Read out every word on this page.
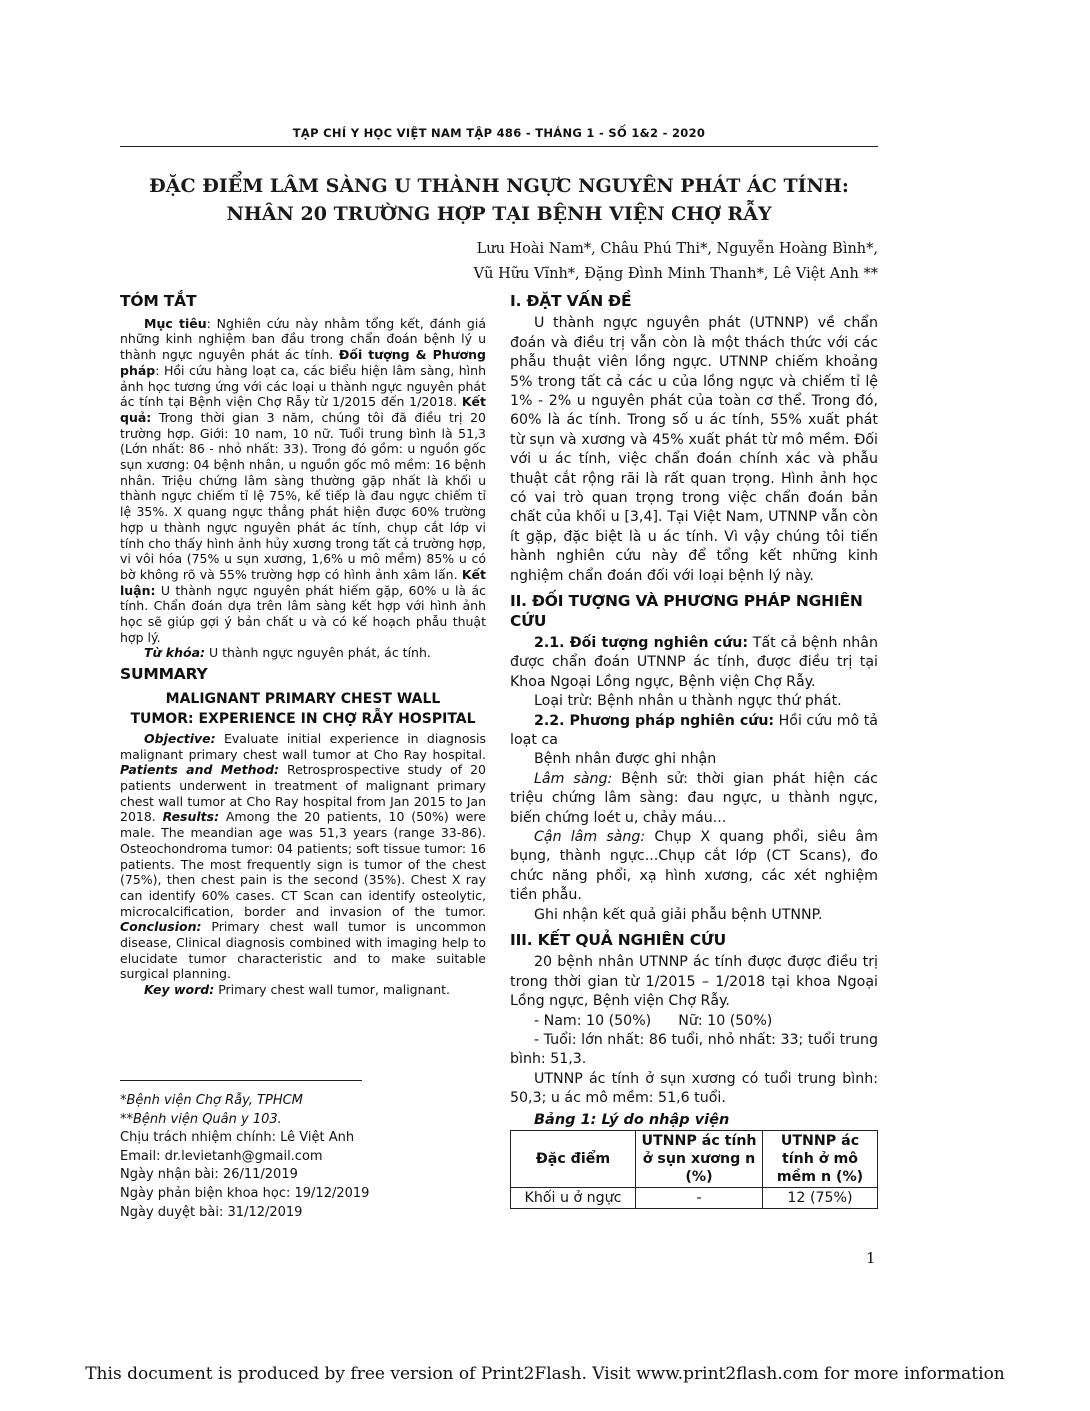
TẠP CHÍ Y HỌC VIỆT NAM TẬP 486 - THÁNG 1 - SỐ 1&2 - 2020
ĐẶC ĐIỂM LÂM SÀNG U THÀNH NGỰC NGUYÊN PHÁT ÁC TÍNH:
NHÂN 20 TRƯỜNG HỢP TẠI BỆNH VIỆN CHỢ RẪY
Lưu Hoài Nam*, Châu Phú Thi*, Nguyễn Hoàng Bình*,
Vũ Hữu Vĩnh*, Đặng Đình Minh Thanh*, Lê Việt Anh **
TÓM TẮT

Mục tiêu: Nghiên cứu này nhằm tổng kết, đánh giá những kinh nghiệm ban đầu trong chẩn đoán bệnh lý u thành ngực nguyên phát ác tính. Đối tượng & Phương pháp: Hồi cứu hàng loạt ca, các biểu hiện lâm sàng, hình ảnh học tương ứng với các loại u thành ngực nguyên phát ác tính tại Bệnh viện Chợ Rẫy từ 1/2015 đến 1/2018. Kết quả: Trong thời gian 3 năm, chúng tôi đã điều trị 20 trường hợp. Giới: 10 nam, 10 nữ. Tuổi trung bình là 51,3 (Lớn nhất: 86 - nhỏ nhất: 33). Trong đó gồm: u nguồn gốc sụn xương: 04 bệnh nhân, u nguồn gốc mô mềm: 16 bệnh nhân. Triệu chứng lâm sàng thường gặp nhất là khối u thành ngực chiếm tỉ lệ 75%, kế tiếp là đau ngực chiếm tỉ lệ 35%. X quang ngực thẳng phát hiện được 60% trường hợp u thành ngực nguyên phát ác tính, chụp cắt lớp vi tính cho thấy hình ảnh hủy xương trong tất cả trường hợp, vi vôi hóa (75% u sụn xương, 1,6% u mô mềm) 85% u có bờ không rõ và 55% trường hợp có hình ảnh xâm lấn. Kết luận: U thành ngực nguyên phát hiếm gặp, 60% u là ác tính. Chẩn đoán dựa trên lâm sàng kết hợp với hình ảnh học sẽ giúp gợi ý bản chất u và có kế hoạch phẫu thuật hợp lý.

Từ khóa: U thành ngực nguyên phát, ác tính.

SUMMARY
MALIGNANT PRIMARY CHEST WALL
TUMOR: EXPERIENCE IN CHỢ RẪY HOSPITAL

Objective: Evaluate initial experience in diagnosis malignant primary chest wall tumor at Cho Ray hospital. Patients and Method: Retrosprospective study of 20 patients underwent in treatment of malignant primary chest wall tumor at Cho Ray hospital from Jan 2015 to Jan 2018. Results: Among the 20 patients, 10 (50%) were male. The meandian age was 51,3 years (range 33-86). Osteochondroma tumor: 04 patients; soft tissue tumor: 16 patients. The most frequently sign is tumor of the chest (75%), then chest pain is the second (35%). Chest X ray can identify 60% cases. CT Scan can identify osteolytic, microcalcification, border and invasion of the tumor. Conclusion: Primary chest wall tumor is uncommon disease, Clinical diagnosis combined with imaging help to elucidate tumor characteristic and to make suitable surgical planning.

Key word: Primary chest wall tumor, malignant.

*Bệnh viện Chợ Rẫy, TPHCM
**Bệnh viện Quân y 103.
Chịu trách nhiệm chính: Lê Việt Anh
Email: dr.levietanh@gmail.com
Ngày nhận bài: 26/11/2019
Ngày phản biện khoa học: 19/12/2019
Ngày duyệt bài: 31/12/2019
I. ĐẶT VẤN ĐỀ

U thành ngực nguyên phát (UTNNP) về chẩn đoán và điều trị vẫn còn là một thách thức với các phẫu thuật viên lồng ngực. UTNNP chiếm khoảng 5% trong tất cả các u của lồng ngực và chiếm tỉ lệ 1% - 2% u nguyên phát của toàn cơ thể. Trong đó, 60% là ác tính. Trong số u ác tính, 55% xuất phát từ sụn và xương và 45% xuất phát từ mô mềm. Đối với u ác tính, việc chẩn đoán chính xác và phẫu thuật cắt rộng rãi là rất quan trọng. Hình ảnh học có vai trò quan trọng trong việc chẩn đoán bản chất của khối u [3,4]. Tại Việt Nam, UTNNP vẫn còn ít gặp, đặc biệt là u ác tính. Vì vậy chúng tôi tiến hành nghiên cứu này để tổng kết những kinh nghiệm chẩn đoán đối với loại bệnh lý này.

II. ĐỐI TƯỢNG VÀ PHƯƠNG PHÁP NGHIÊN CỨU

2.1. Đối tượng nghiên cứu: Tất cả bệnh nhân được chẩn đoán UTNNP ác tính, được điều trị tại Khoa Ngoại Lồng ngực, Bệnh viện Chợ Rẫy.

Loại trừ: Bệnh nhân u thành ngực thứ phát.

2.2. Phương pháp nghiên cứu: Hồi cứu mô tả loạt ca

Bệnh nhân được ghi nhận

Lâm sàng: Bệnh sử: thời gian phát hiện các triệu chứng lâm sàng: đau ngực, u thành ngực, biến chứng loét u, chảy máu...

Cận lâm sàng: Chụp X quang phổi, siêu âm bụng, thành ngực...Chụp cắt lớp (CT Scans), đo chức năng phổi, xạ hình xương, các xét nghiệm tiền phẫu.

Ghi nhận kết quả giải phẫu bệnh UTNNP.

III. KẾT QUẢ NGHIÊN CỨU

20 bệnh nhân UTNNP ác tính được được điều trị trong thời gian từ 1/2015 – 1/2018 tại khoa Ngoại Lồng ngực, Bệnh viện Chợ Rẫy.

- Nam: 10 (50%)      Nữ: 10 (50%)

- Tuổi: lớn nhất: 86 tuổi, nhỏ nhất: 33; tuổi trung bình: 51,3.

UTNNP ác tính ở sụn xương có tuổi trung bình: 50,3; u ác mô mềm: 51,6 tuổi.

Bảng 1: Lý do nhập viện
Đặc điểm	UTNNP ác tính ở sụn xương n (%)	UTNNP ác tính ở mô mềm n (%)
Khối u ở ngực	-	12 (75%)
1
This document is produced by free version of Print2Flash. Visit www.print2flash.com for more information
